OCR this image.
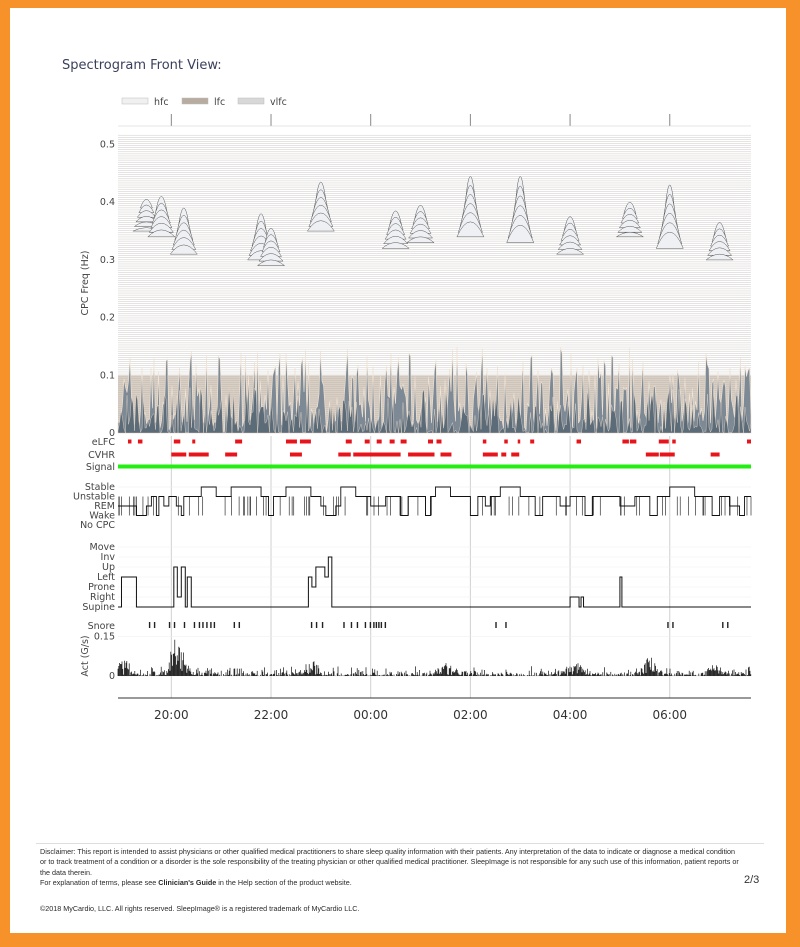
Spectrogram Front View:
hfc	lfc	vlfc
0
0.1
0.2
0.3
0.4
0.5
CPC Freq (Hz)
eLFC
CVHR
Signal
Stable
Unstable
REM
Wake
No CPC
Move
Inv
Up
Left
Prone
Right
Supine
Snore
0
0.15
Act (G/s)
20:00	22:00	00:00	02:00	04:00	06:00
Disclaimer: This report is intended to assist physicians or other qualified medical practitioners to share sleep quality information with their patients. Any interpretation of the data to indicate or diagnose a medical condition or to track treatment of a condition or a disorder is the sole responsibility of the treating physician or other qualified medical practitioner. SleepImage is not responsible for any such use of this information, patient reports or the data therein.
For explanation of terms, please see Clinician's Guide in the Help section of the product website.	2/3
©2018 MyCardio, LLC. All rights reserved. SleepImage® is a registered trademark of MyCardio LLC.
